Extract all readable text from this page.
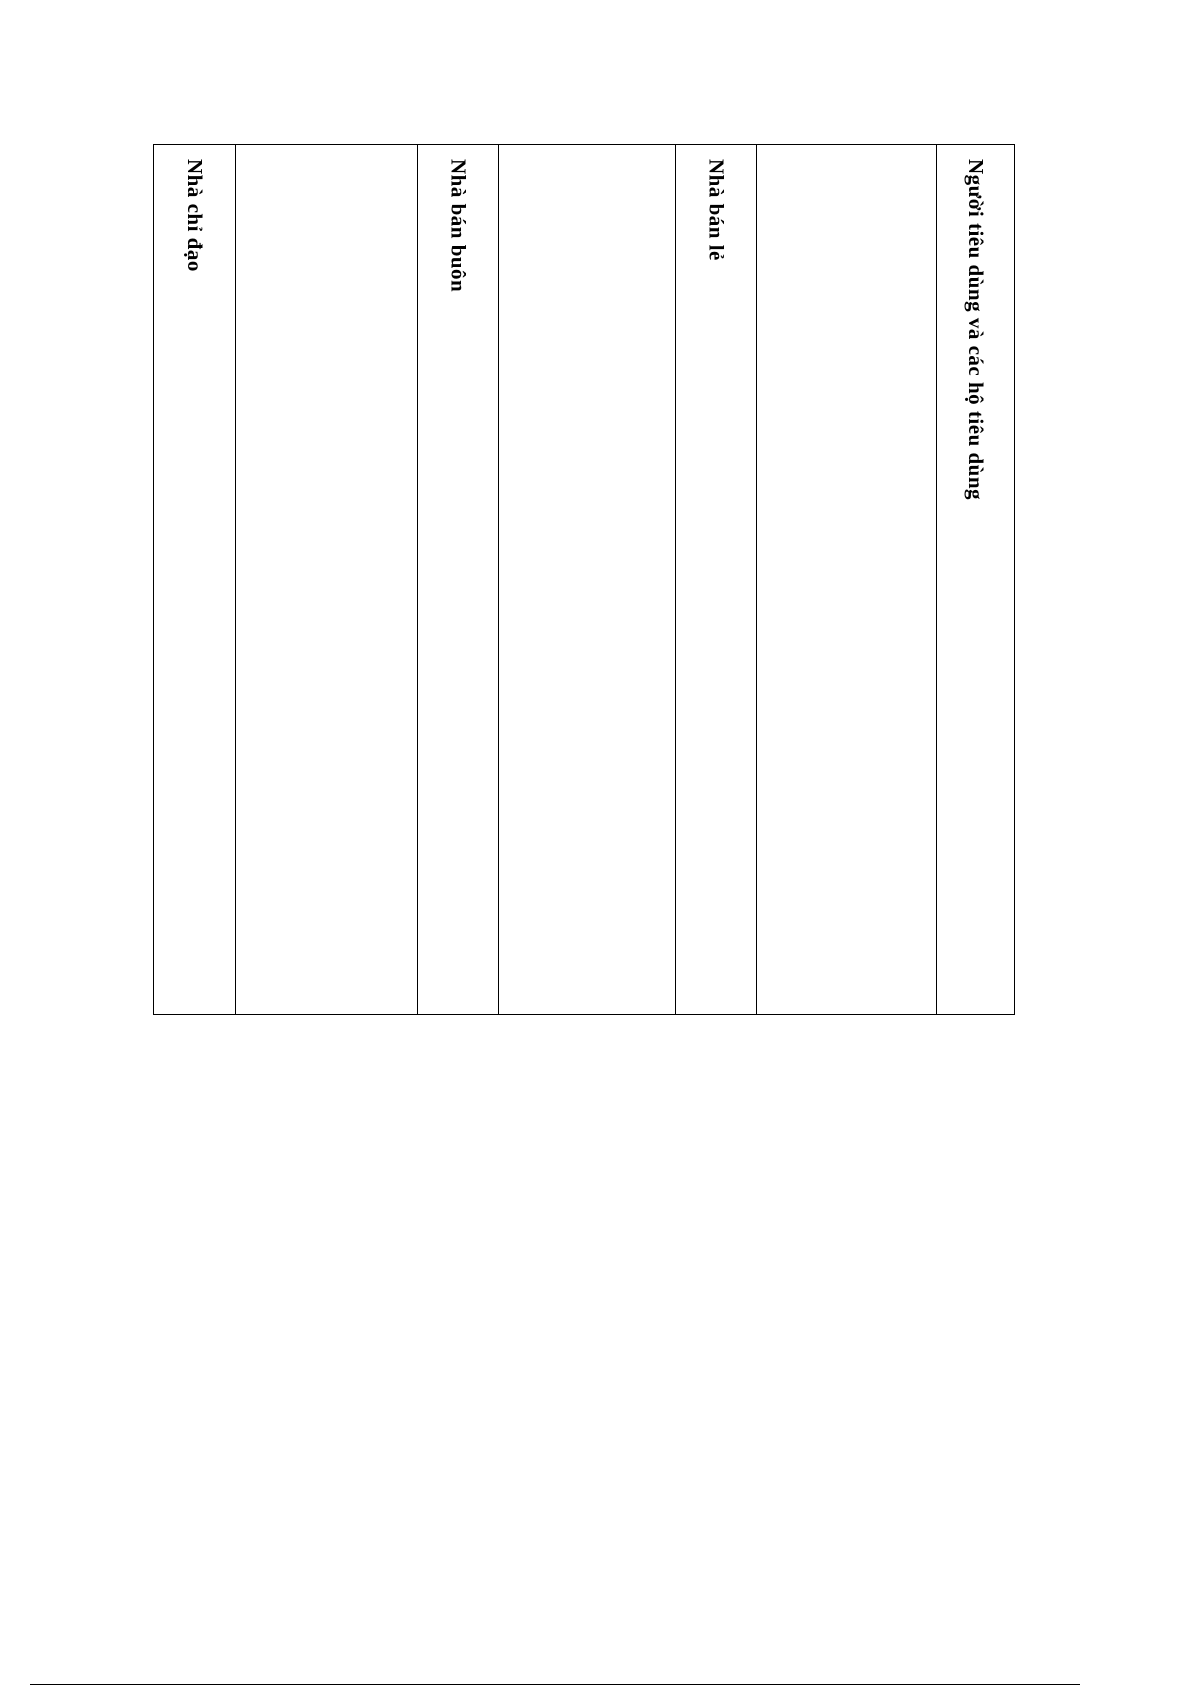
Nhà chỉ đạo	Nhà bán buôn	Nhà bán lẻ	Người tiêu dùng và các hộ tiêu dùng
